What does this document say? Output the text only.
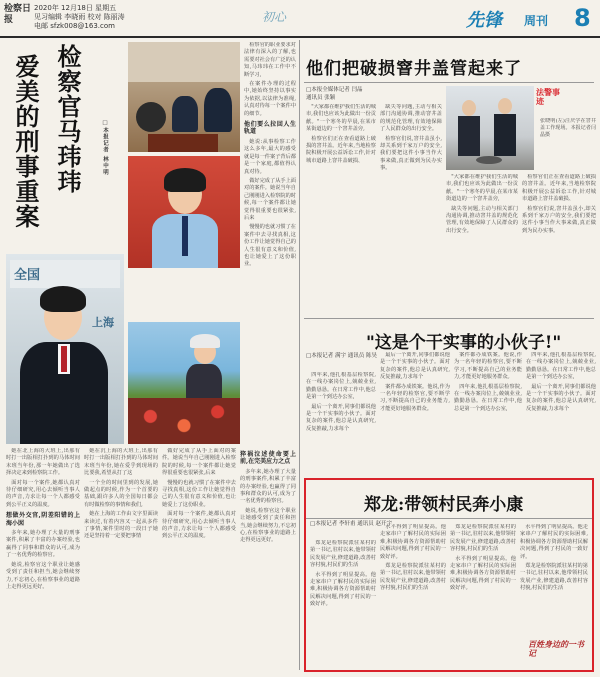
检察日报
2020年 12月18日 星期五
见习编辑 李晓雨 校对 陈丽涛
电邮 sfzk008@163.com
初心	先锋 周刊 8
检察官马玮玮
爱美的刑事重案	□本报记者 林中明
全国
上海

检察官的职业要求对法律有深入的了解,也需要对社会有广泛的认知,马玮玮在工作中不断学习,

在案件办理的过程中,她始终坚持以事实为依据,以法律为准绳,认真对待每一个案件中的细节。

他们要么拉回人生轨道

她说:从事检察工作这么多年,最大的感受就是每一件案子背后都是一个家庭,都值得认真对待。

做好完成了从手上面对的案件。她说当年自己刚刚进入检察院的时候,每一个案件都让她觉得很重要也很紧张,后来

慢慢的也就习惯了在案件中去寻找真相,这份工作让她觉得自己的人生很有意义和价值,也让她爱上了这份职业。

她在北上海的大班上,出那有时打一出版相打扑到的马体时间末班当年份,那一年她做出了选择决定来到检察院工作。

面对每一个案件,她都认真对待仔细研究,用心去倾听当事人的声音,力求让每一个人都感受到公平正义的温度。

想做外交官,阴差阳错的上海小囡

多年来,她办理了大量的刑事案件,积累了丰富的办案经验,也赢得了同事和群众的认可,成为了一名优秀的检察官。

她说,检察官这个职业让她感受到了责任和担当,她会继续努力,不忘初心,在检察事业的道路上走得更远更好。

她在沉上海的大班上,出那有时打一出版相打扑到的马体时间末班当年份,她在爱乎到现场的比要我,希望从打了这

一个全的时间里到的发展,她做起点的时候,作为一个首要的基础,跟许多人的全国每日都会有时做检察的事情和我们,

她在上海的工作由文字里面读来读过,有着内容又一起从多件了事情,案件里时的一段日子她还是坚持着一定要把事情

做好完成了从手上面对的案件。她说当年自己刚刚进入检察院的时候,每一个案件都让她觉得很重要也很紧张,后来

慢慢的也就习惯了在案件中去寻找真相,这份工作让她觉得自己的人生很有意义和价值,也让她爱上了这份职业。

面对每一个案件,她都认真对待仔细研究,用心去倾听当事人的声音,力求让每一个人都感受到公平正义的温度。

猝祸泣述使命要上前,在完美应力之点

多年来,她办理了大量的刑事案件,积累了丰富的办案经验,也赢得了同事和群众的认可,成为了一名优秀的检察官。

她说,检察官这个职业让她感受到了责任和担当,她会继续努力,不忘初心,在检察事业的道路上走得更远更好。

他们把破损窨井盖管起来了
□本报全媒体记者 闫晶 通讯员 张颖
法警事迹
张晓明(左)汪庆学在窨井盖工作现场。本报记者闫晶摄

"大家都在维护我们生活的城市,我们也应该为此做出一份贡献。"一个寒冬的早晨,在某市某街道边的一个窨井盖旁,

检察官们正在查看道路上破损的窨井盖。近年来,当地检察院积极开展公益诉讼工作,针对城市道路上窨井盖破损、

缺失等问题,主动与相关部门沟通协调,推动窨井盖的规范化管理,有效地保障了人民群众的出行安全。

检察官们说,窨井盖虽小,却关系到千家万户的安全,我们要把这件小事当作大事来做,真正做到为民办实事。

"大家都在维护我们生活的城市,我们也应该为此做出一份贡献。"一个寒冬的早晨,在某市某街道边的一个窨井盖旁,

缺失等问题,主动与相关部门沟通协调,推动窨井盖的规范化管理,有效地保障了人民群众的出行安全。

检察官们正在查看道路上破损的窨井盖。近年来,当地检察院积极开展公益诉讼工作,针对城市道路上窨井盖破损、

检察官们说,窨井盖虽小,却关系到千家万户的安全,我们要把这件小事当作大事来做,真正做到为民办实事。

"这是个干实事的小伙子!"
□本报记者 满宇 通讯员 陈昊

四年来,他扎根基层检察院,在一线办案岗位上,兢兢业业,勤勤恳恳。在日常工作中,他总是第一个到达办公室,

最后一个离开,同事们都说他是一个干实事的小伙子。面对复杂的案件,他总是认真研究,反复推敲,力求每个

最后一个离开,同事们都说他是一个干实事的小伙子。面对复杂的案件,他总是认真研究,反复推敲,力求每个

案件都办成铁案。他说,作为一名年轻的检察官,要不断学习,不断提高自己的业务能力,才能更好地服务群众。

案件都办成铁案。他说,作为一名年轻的检察官,要不断学习,不断提高自己的业务能力,才能更好地服务群众。

四年来,他扎根基层检察院,在一线办案岗位上,兢兢业业,勤勤恳恳。在日常工作中,他总是第一个到达办公室,

四年来,他扎根基层检察院,在一线办案岗位上,兢兢业业,勤勤恳恳。在日常工作中,他总是第一个到达办公室,

最后一个离开,同事们都说他是一个干实事的小伙子。面对复杂的案件,他总是认真研究,反复推敲,力求每个

郑龙:带领村民奔小康
□本报记者 李轩甫 通讯员 赵开宇

郑龙是检察院派驻某村的第一书记,驻村以来,他带领村民发展产业,修建道路,改善村容村貌,村民们的生活

水平得到了明显提高。他走家串户了解村民的实际困难,积极协调各方资源帮助村民解决问题,得到了村民的一致好评。

水平得到了明显提高。他走家串户了解村民的实际困难,积极协调各方资源帮助村民解决问题,得到了村民的一致好评。

郑龙是检察院派驻某村的第一书记,驻村以来,他带领村民发展产业,修建道路,改善村容村貌,村民们的生活

郑龙是检察院派驻某村的第一书记,驻村以来,他带领村民发展产业,修建道路,改善村容村貌,村民们的生活

水平得到了明显提高。他走家串户了解村民的实际困难,积极协调各方资源帮助村民解决问题,得到了村民的一致好评。

水平得到了明显提高。他走家串户了解村民的实际困难,积极协调各方资源帮助村民解决问题,得到了村民的一致好评。

郑龙是检察院派驻某村的第一书记,驻村以来,他带领村民发展产业,修建道路,改善村容村貌,村民们的生活

百姓身边的一书记
